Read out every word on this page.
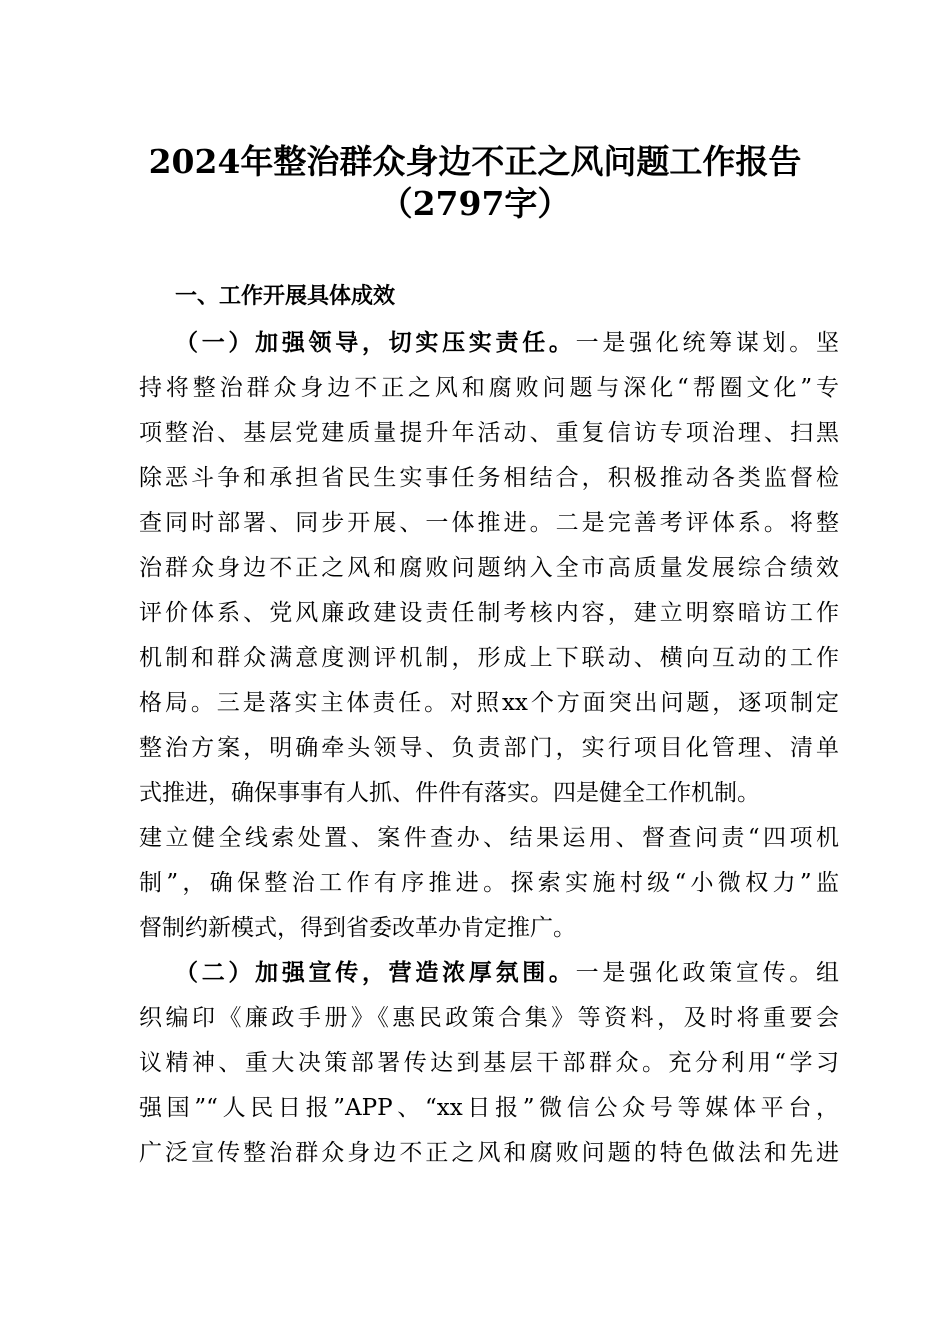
2024年整治群众身边不正之风问题工作报告
（2797字）
一、工作开展具体成效
（一）加强领导，切实压实责任。一是强化统筹谋划。坚
持将整治群众身边不正之风和腐败问题与深化“帮圈文化”专
项整治、基层党建质量提升年活动、重复信访专项治理、扫黑
除恶斗争和承担省民生实事任务相结合，积极推动各类监督检
查同时部署、同步开展、一体推进。二是完善考评体系。将整
治群众身边不正之风和腐败问题纳入全市高质量发展综合绩效
评价体系、党风廉政建设责任制考核内容，建立明察暗访工作
机制和群众满意度测评机制，形成上下联动、横向互动的工作
格局。三是落实主体责任。对照xx个方面突出问题，逐项制定
整治方案，明确牵头领导、负责部门，实行项目化管理、清单
式推进，确保事事有人抓、件件有落实。四是健全工作机制。
建立健全线索处置、案件查办、结果运用、督查问责“四项机
制”，确保整治工作有序推进。探索实施村级“小微权力”监
督制约新模式，得到省委改革办肯定推广。
（二）加强宣传，营造浓厚氛围。一是强化政策宣传。组
织编印《廉政手册》《惠民政策合集》等资料，及时将重要会
议精神、重大决策部署传达到基层干部群众。充分利用“学习
强国”“人民日报”APP、“xx日报”微信公众号等媒体平台，
广泛宣传整治群众身边不正之风和腐败问题的特色做法和先进
